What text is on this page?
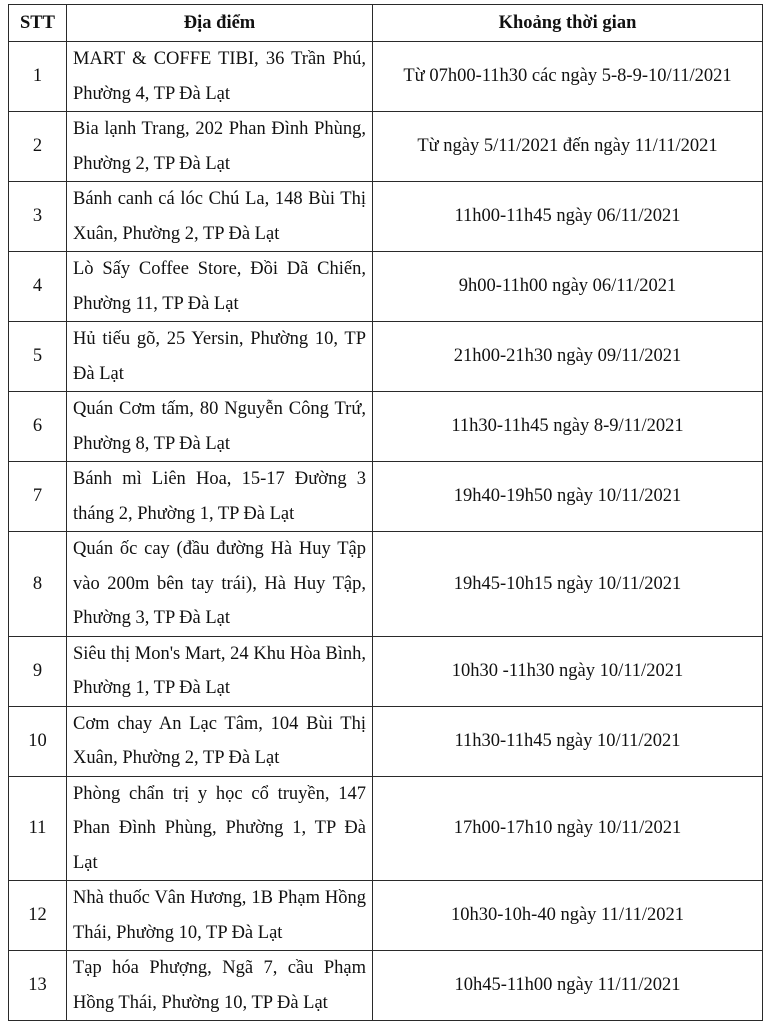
STT	Địa điểm	Khoảng thời gian
1	MART & COFFE TIBI, 36 Trần Phú, Phường 4, TP Đà Lạt	Từ 07h00-11h30 các ngày 5-8-9-10/11/2021
2	Bia lạnh Trang, 202 Phan Đình Phùng, Phường 2, TP Đà Lạt	Từ ngày 5/11/2021 đến ngày 11/11/2021
3	Bánh canh cá lóc Chú La, 148 Bùi Thị Xuân, Phường 2, TP Đà Lạt	11h00-11h45 ngày 06/11/2021
4	Lò Sấy Coffee Store, Đồi Dã Chiến, Phường 11, TP Đà Lạt	9h00-11h00 ngày 06/11/2021
5	Hủ tiếu gõ, 25 Yersin, Phường 10, TP Đà Lạt	21h00-21h30 ngày 09/11/2021
6	Quán Cơm tấm, 80 Nguyễn Công Trứ, Phường 8, TP Đà Lạt	11h30-11h45 ngày 8-9/11/2021
7	Bánh mì Liên Hoa, 15-17 Đường 3 tháng 2, Phường 1, TP Đà Lạt	19h40-19h50 ngày 10/11/2021
8	Quán ốc cay (đầu đường Hà Huy Tập vào 200m bên tay trái), Hà Huy Tập, Phường 3, TP Đà Lạt	19h45-10h15 ngày 10/11/2021
9	Siêu thị Mon's Mart, 24 Khu Hòa Bình, Phường 1, TP Đà Lạt	10h30 -11h30 ngày 10/11/2021
10	Cơm chay An Lạc Tâm, 104 Bùi Thị Xuân, Phường 2, TP Đà Lạt	11h30-11h45 ngày 10/11/2021
11	Phòng chẩn trị y học cổ truyền, 147 Phan Đình Phùng, Phường 1, TP Đà Lạt	17h00-17h10 ngày 10/11/2021
12	Nhà thuốc Vân Hương, 1B Phạm Hồng Thái, Phường 10, TP Đà Lạt	10h30-10h-40 ngày 11/11/2021
13	Tạp hóa Phượng, Ngã 7, cầu Phạm Hồng Thái, Phường 10, TP Đà Lạt	10h45-11h00 ngày 11/11/2021
